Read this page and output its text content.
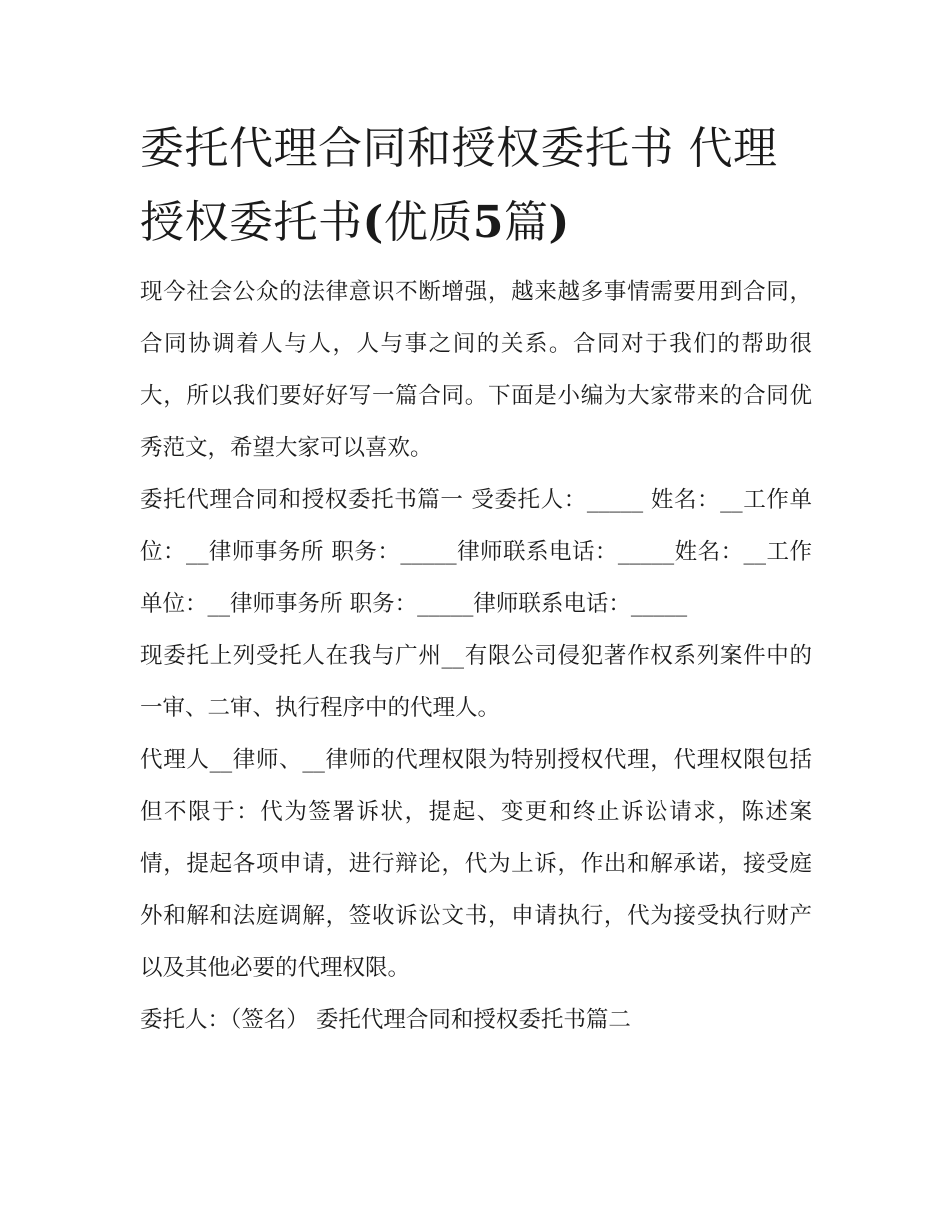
委托代理合同和授权委托书 代理授权委托书(优质5篇)

现今社会公众的法律意识不断增强，越来越多事情需要用到合同，合同协调着人与人，人与事之间的关系。合同对于我们的帮助很大，所以我们要好好写一篇合同。下面是小编为大家带来的合同优秀范文，希望大家可以喜欢。

委托代理合同和授权委托书篇一 受委托人：_____ 姓名：__工作单位：__律师事务所 职务：_____律师联系电话：_____姓名：__工作单位：__律师事务所 职务：_____律师联系电话：_____

现委托上列受托人在我与广州__有限公司侵犯著作权系列案件中的一审、二审、执行程序中的代理人。

代理人__律师、__律师的代理权限为特别授权代理，代理权限包括但不限于：代为签署诉状，提起、变更和终止诉讼请求，陈述案情，提起各项申请，进行辩论，代为上诉，作出和解承诺，接受庭外和解和法庭调解，签收诉讼文书，申请执行，代为接受执行财产以及其他必要的代理权限。

委托人：（签名） 委托代理合同和授权委托书篇二
